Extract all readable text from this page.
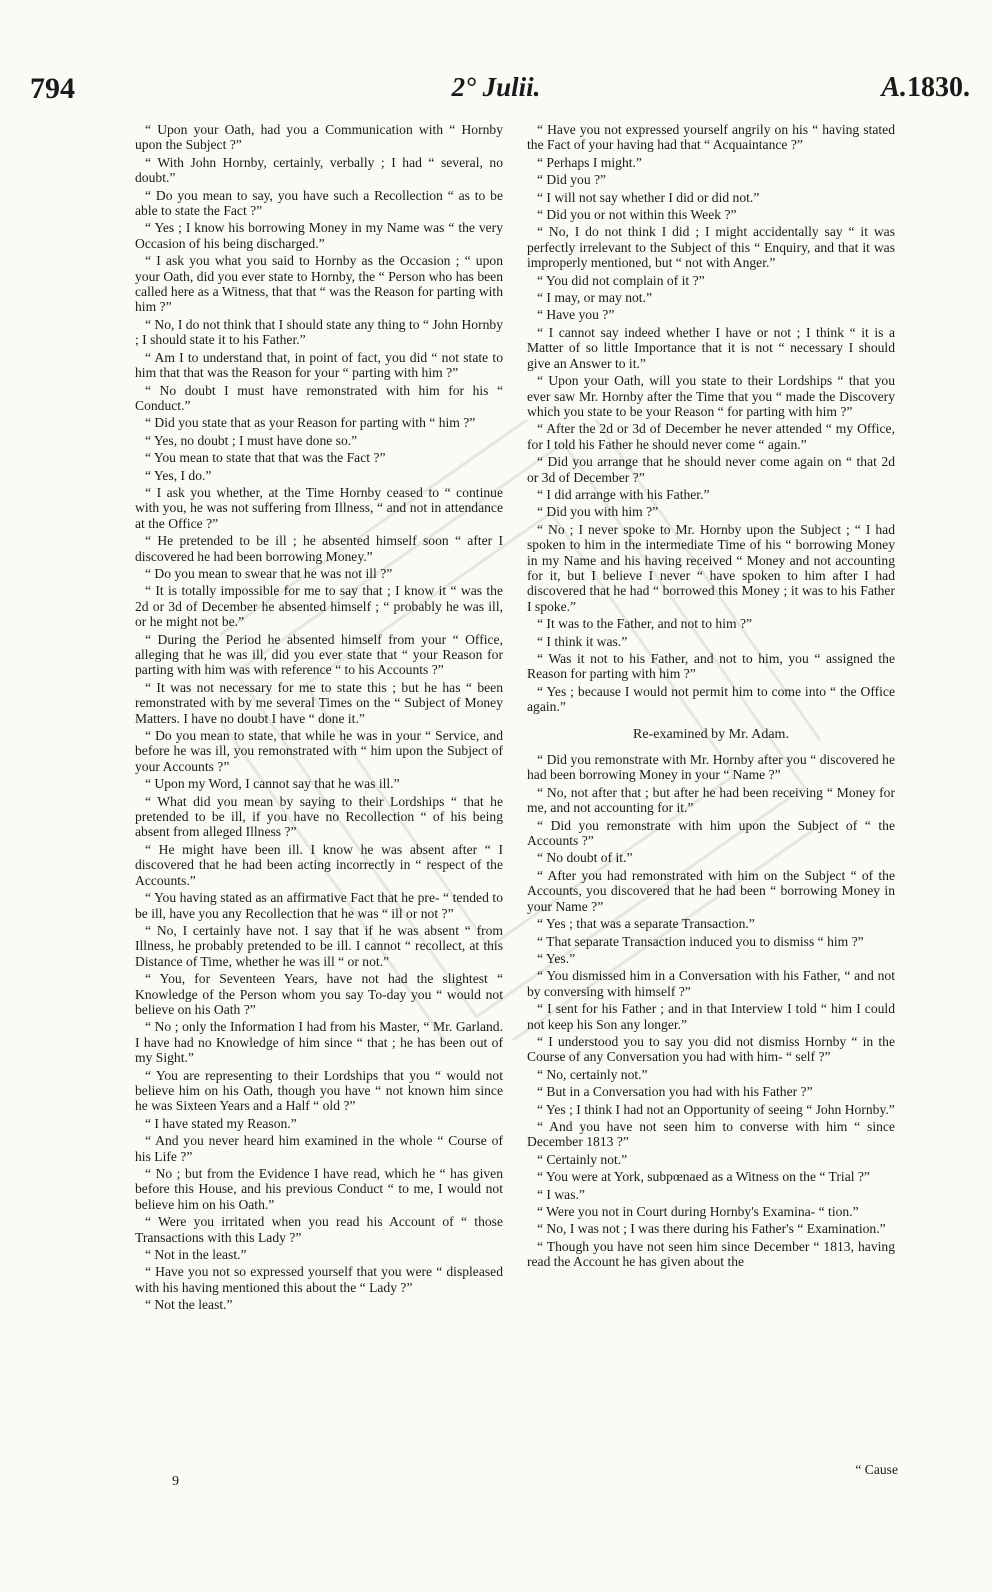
794	2° Julii.	A.1830.

“ Upon your Oath, had you a Communication with “ Hornby upon the Subject ?”

“ With John Hornby, certainly, verbally ; I had “ several, no doubt.”

“ Do you mean to say, you have such a Recollection “ as to be able to state the Fact ?”

“ Yes ; I know his borrowing Money in my Name was “ the very Occasion of his being discharged.”

“ I ask you what you said to Hornby as the Occasion ; “ upon your Oath, did you ever state to Hornby, the “ Person who has been called here as a Witness, that that “ was the Reason for parting with him ?”

“ No, I do not think that I should state any thing to “ John Hornby ; I should state it to his Father.”

“ Am I to understand that, in point of fact, you did “ not state to him that that was the Reason for your “ parting with him ?”

“ No doubt I must have remonstrated with him for his “ Conduct.”

“ Did you state that as your Reason for parting with “ him ?”

“ Yes, no doubt ; I must have done so.”

“ You mean to state that that was the Fact ?”

“ Yes, I do.”

“ I ask you whether, at the Time Hornby ceased to “ continue with you, he was not suffering from Illness, “ and not in attendance at the Office ?”

“ He pretended to be ill ; he absented himself soon “ after I discovered he had been borrowing Money.”

“ Do you mean to swear that he was not ill ?”

“ It is totally impossible for me to say that ; I know it “ was the 2d or 3d of December he absented himself ; “ probably he was ill, or he might not be.”

“ During the Period he absented himself from your “ Office, alleging that he was ill, did you ever state that “ your Reason for parting with him was with reference “ to his Accounts ?”

“ It was not necessary for me to state this ; but he has “ been remonstrated with by me several Times on the “ Subject of Money Matters. I have no doubt I have “ done it.”

“ Do you mean to state, that while he was in your “ Service, and before he was ill, you remonstrated with “ him upon the Subject of your Accounts ?”

“ Upon my Word, I cannot say that he was ill.”

“ What did you mean by saying to their Lordships “ that he pretended to be ill, if you have no Recollection “ of his being absent from alleged Illness ?”

“ He might have been ill. I know he was absent after “ I discovered that he had been acting incorrectly in “ respect of the Accounts.”

“ You having stated as an affirmative Fact that he pre- “ tended to be ill, have you any Recollection that he was “ ill or not ?”

“ No, I certainly have not. I say that if he was absent “ from Illness, he probably pretended to be ill. I cannot “ recollect, at this Distance of Time, whether he was ill “ or not.”

“ You, for Seventeen Years, have not had the slightest “ Knowledge of the Person whom you say To-day you “ would not believe on his Oath ?”

“ No ; only the Information I had from his Master, “ Mr. Garland. I have had no Knowledge of him since “ that ; he has been out of my Sight.”

“ You are representing to their Lordships that you “ would not believe him on his Oath, though you have “ not known him since he was Sixteen Years and a Half “ old ?”

“ I have stated my Reason.”

“ And you never heard him examined in the whole “ Course of his Life ?”

“ No ; but from the Evidence I have read, which he “ has given before this House, and his previous Conduct “ to me, I would not believe him on his Oath.”

“ Were you irritated when you read his Account of “ those Transactions with this Lady ?”

“ Not in the least.”

“ Have you not so expressed yourself that you were “ displeased with his having mentioned this about the “ Lady ?”

“ Not the least.”

“ Have you not expressed yourself angrily on his “ having stated the Fact of your having had that “ Acquaintance ?”

“ Perhaps I might.”

“ Did you ?”

“ I will not say whether I did or did not.”

“ Did you or not within this Week ?”

“ No, I do not think I did ; I might accidentally say “ it was perfectly irrelevant to the Subject of this “ Enquiry, and that it was improperly mentioned, but “ not with Anger.”

“ You did not complain of it ?”

“ I may, or may not.”

“ Have you ?”

“ I cannot say indeed whether I have or not ; I think “ it is a Matter of so little Importance that it is not “ necessary I should give an Answer to it.”

“ Upon your Oath, will you state to their Lordships “ that you ever saw Mr. Hornby after the Time that you “ made the Discovery which you state to be your Reason “ for parting with him ?”

“ After the 2d or 3d of December he never attended “ my Office, for I told his Father he should never come “ again.”

“ Did you arrange that he should never come again on “ that 2d or 3d of December ?”

“ I did arrange with his Father.”

“ Did you with him ?”

“ No ; I never spoke to Mr. Hornby upon the Subject ; “ I had spoken to him in the intermediate Time of his “ borrowing Money in my Name and his having received “ Money and not accounting for it, but I believe I never “ have spoken to him after I had discovered that he had “ borrowed this Money ; it was to his Father I spoke.”

“ It was to the Father, and not to him ?”

“ I think it was.”

“ Was it not to his Father, and not to him, you “ assigned the Reason for parting with him ?”

“ Yes ; because I would not permit him to come into “ the Office again.”

Re-examined by Mr. Adam.

“ Did you remonstrate with Mr. Hornby after you “ discovered he had been borrowing Money in your “ Name ?”

“ No, not after that ; but after he had been receiving “ Money for me, and not accounting for it.”

“ Did you remonstrate with him upon the Subject of “ the Accounts ?”

“ No doubt of it.”

“ After you had remonstrated with him on the Subject “ of the Accounts, you discovered that he had been “ borrowing Money in your Name ?”

“ Yes ; that was a separate Transaction.”

“ That separate Transaction induced you to dismiss “ him ?”

“ Yes.”

“ You dismissed him in a Conversation with his Father, “ and not by conversing with himself ?”

“ I sent for his Father ; and in that Interview I told “ him I could not keep his Son any longer.”

“ I understood you to say you did not dismiss Hornby “ in the Course of any Conversation you had with him- “ self ?”

“ No, certainly not.”

“ But in a Conversation you had with his Father ?”

“ Yes ; I think I had not an Opportunity of seeing “ John Hornby.”

“ And you have not seen him to converse with him “ since December 1813 ?”

“ Certainly not.”

“ You were at York, subpœnaed as a Witness on the “ Trial ?”

“ I was.”

“ Were you not in Court during Hornby's Examina- “ tion.”

“ No, I was not ; I was there during his Father's “ Examination.”

“ Though you have not seen him since December “ 1813, having read the Account he has given about the

9
“ Cause
